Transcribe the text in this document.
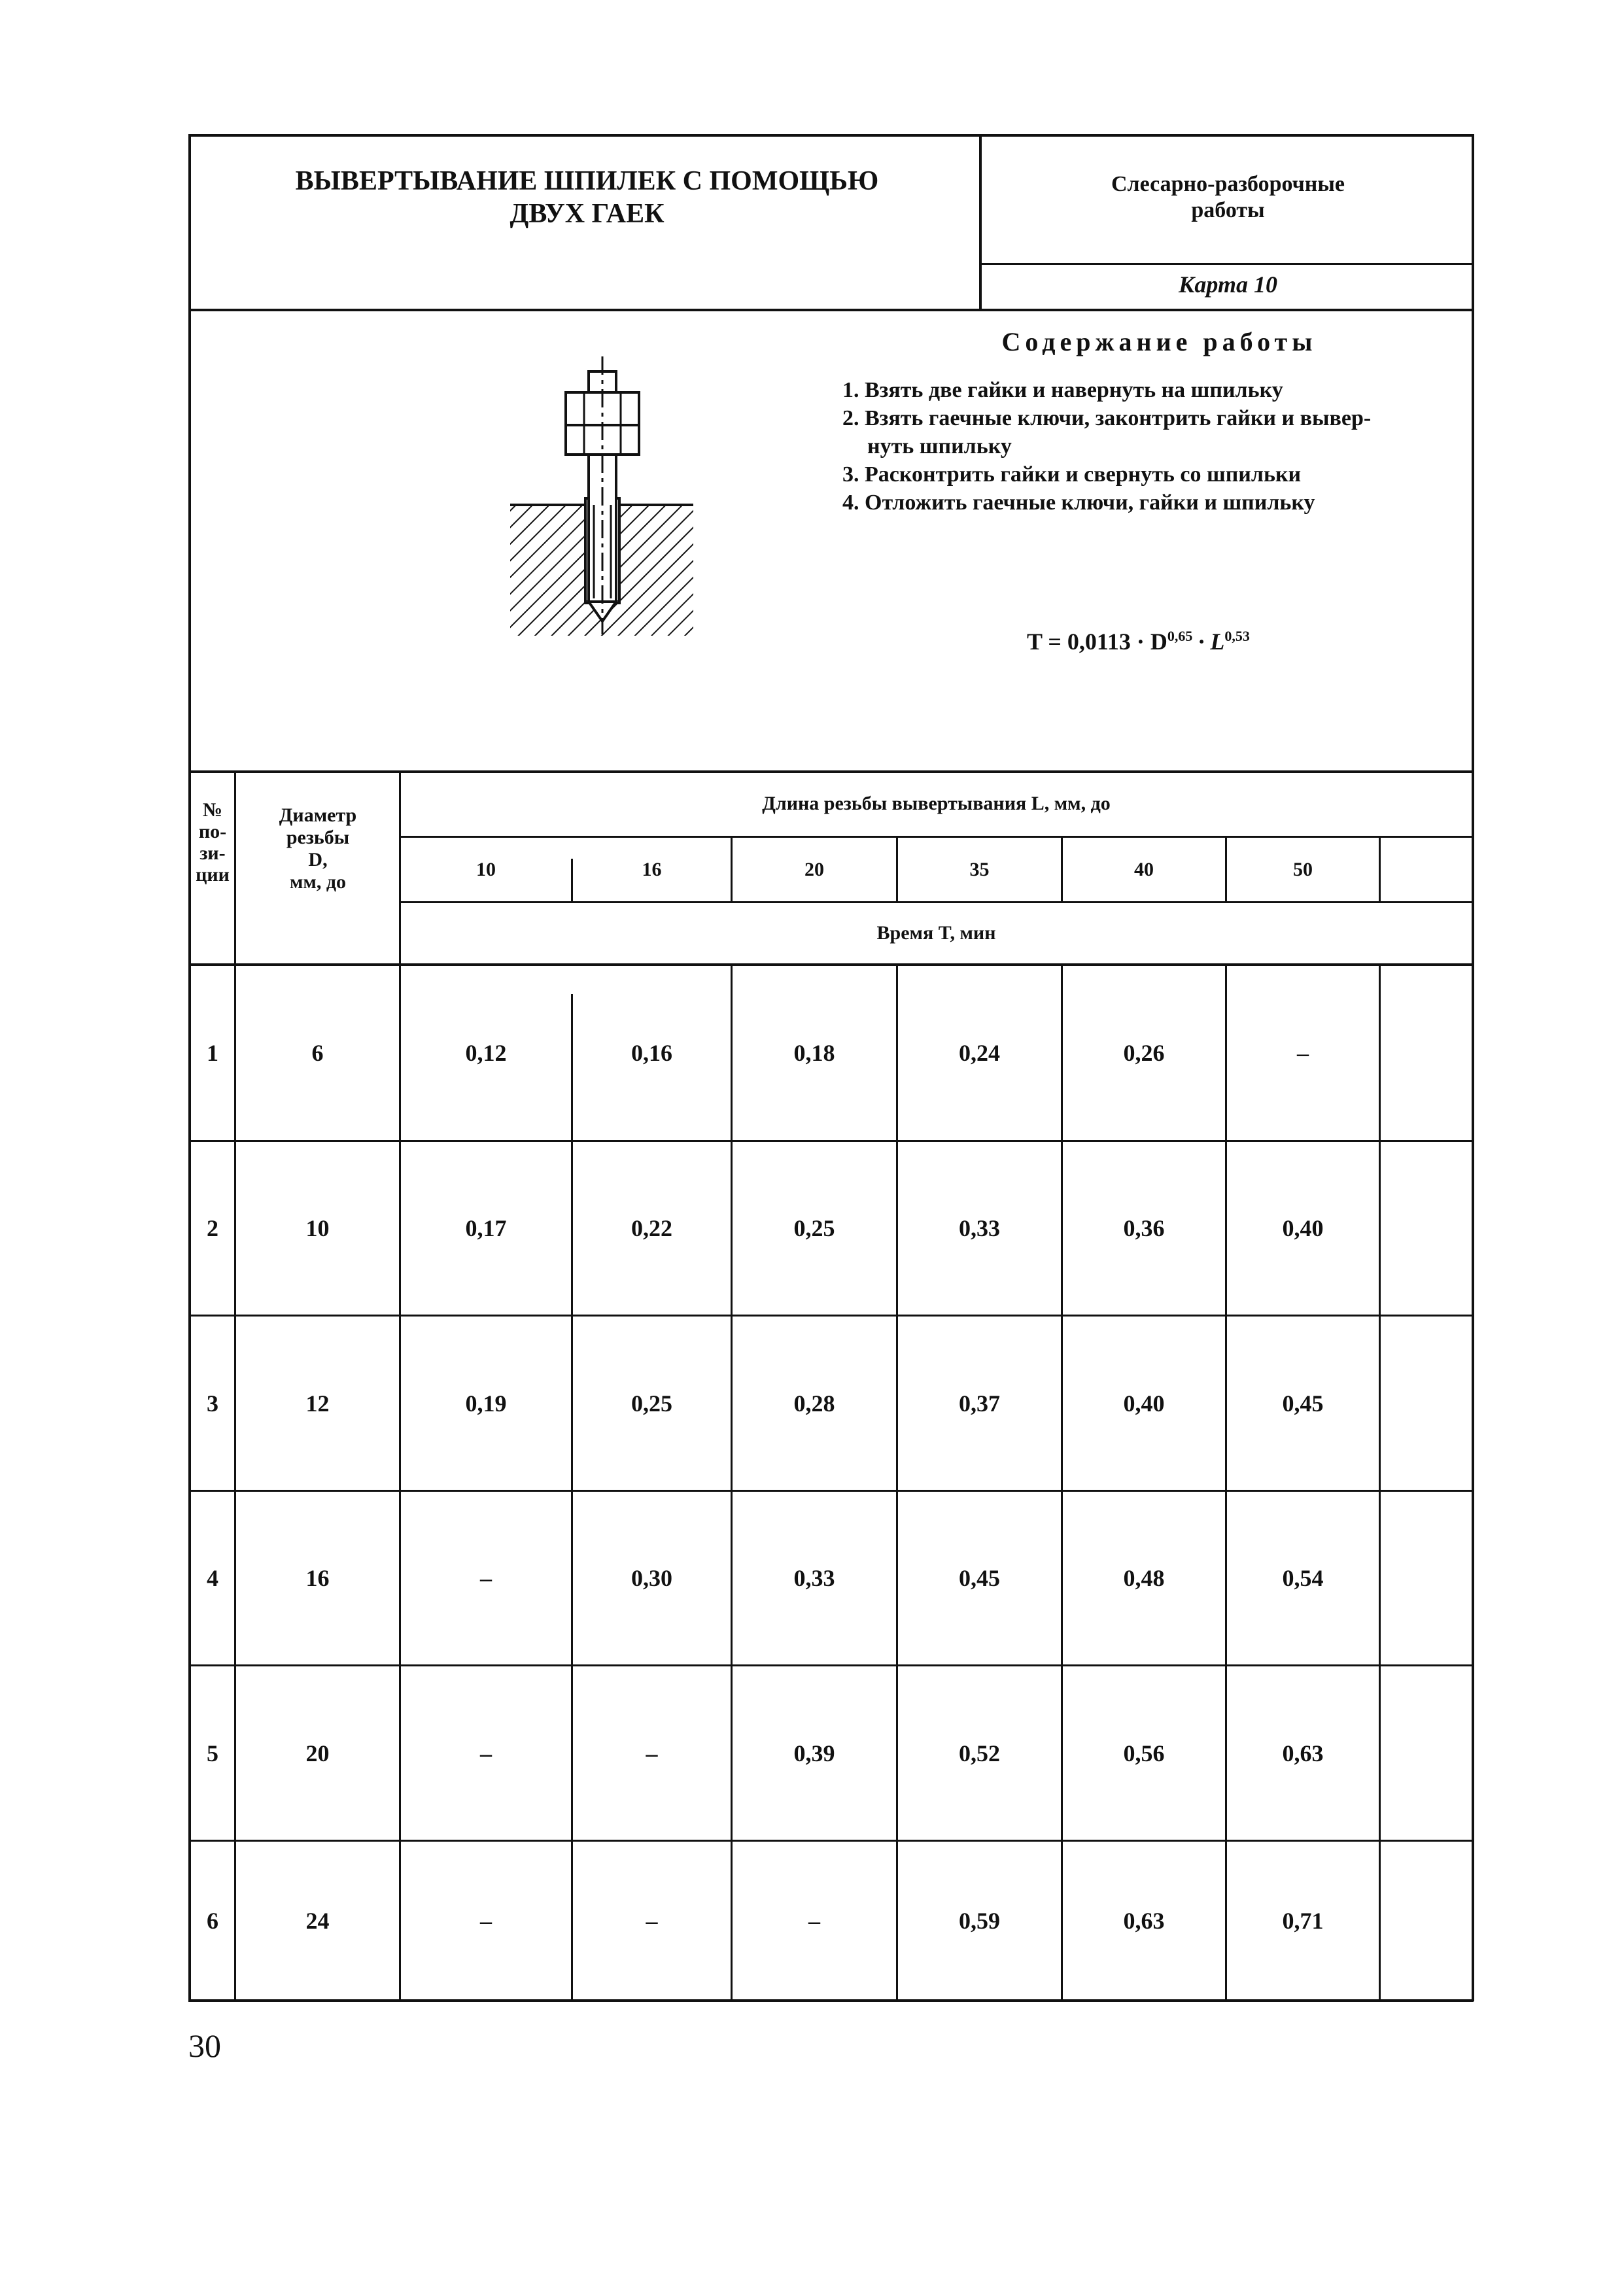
ВЫВЕРТЫВАНИЕ ШПИЛЕК С ПОМОЩЬЮ
ДВУХ ГАЕК
Слесарно-разборочные
работы
Карта 10
Содержание работы
1. Взять две гайки и навернуть на шпильку
2. Взять гаечные ключи, законтрить гайки и вывер-
нуть шпильку
3. Расконтрить гайки и свернуть со шпильки
4. Отложить гаечные ключи, гайки и шпильку
T = 0,0113 · D$^{0,65}$ · L$^{0,53}$
№
по-
зи-
ции
Диаметр
резьбы
D,
мм, до
Длина резьбы вывертывания L, мм, до
10	16	20	35	40	50
Время T, мин
1	6	0,12	0,16	0,18	0,24	0,26	–
2	10	0,17	0,22	0,25	0,33	0,36	0,40
3	12	0,19	0,25	0,28	0,37	0,40	0,45
4	16	–	0,30	0,33	0,45	0,48	0,54
5	20	–	–	0,39	0,52	0,56	0,63
6	24	–	–	–	0,59	0,63	0,71
30
